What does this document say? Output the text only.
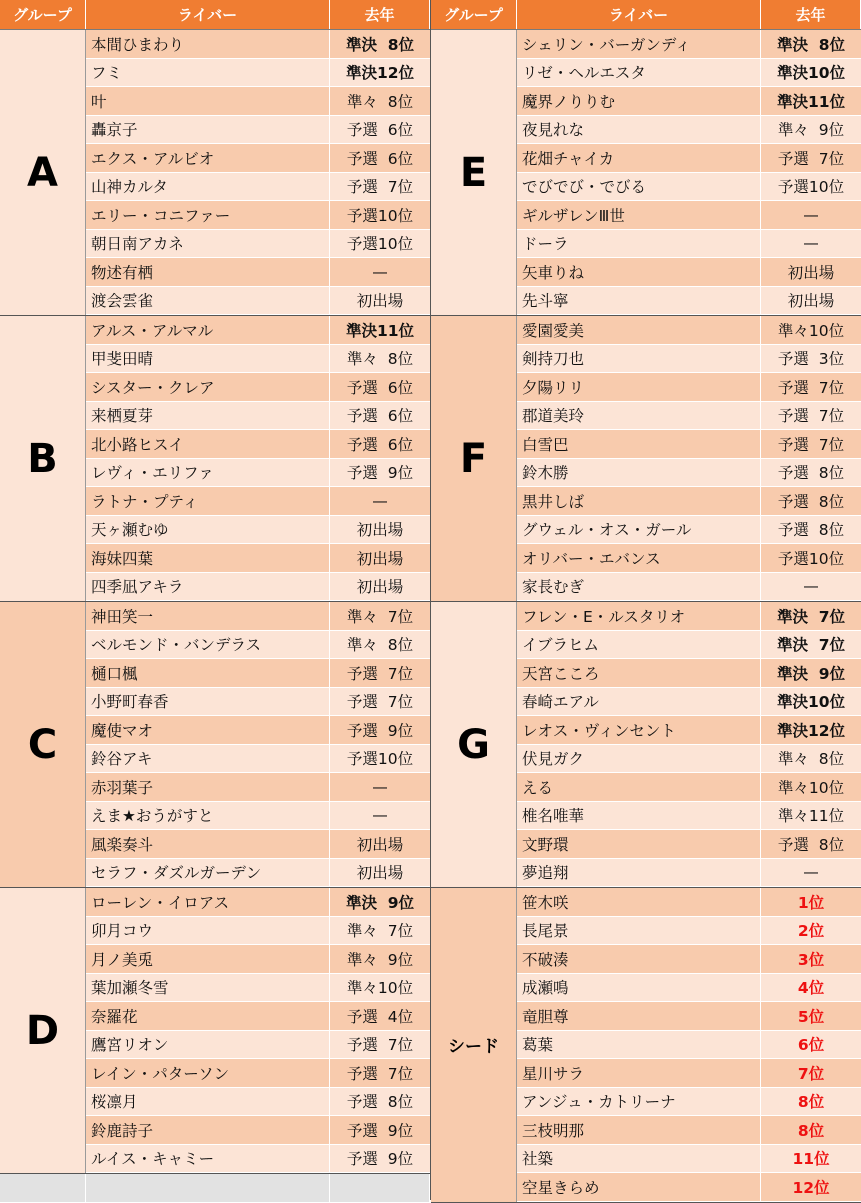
グループ	ライバー	去年
A
本間ひまわり	準決  8位
フミ	準決12位
叶	準々  8位
轟京子	予選  6位
エクス・アルビオ	予選  6位
山神カルタ	予選  7位
エリー・コニファー	予選10位
朝日南アカネ	予選10位
物述有栖	—
渡会雲雀	初出場
B
アルス・アルマル	準決11位
甲斐田晴	準々  8位
シスター・クレア	予選  6位
来栖夏芽	予選  6位
北小路ヒスイ	予選  6位
レヴィ・エリファ	予選  9位
ラトナ・プティ	—
天ヶ瀬むゆ	初出場
海妹四葉	初出場
四季凪アキラ	初出場
C
神田笑一	準々  7位
ベルモンド・バンデラス	準々  8位
樋口楓	予選  7位
小野町春香	予選  7位
魔使マオ	予選  9位
鈴谷アキ	予選10位
赤羽葉子	—
えま★おうがすと	—
風楽奏斗	初出場
セラフ・ダズルガーデン	初出場
D
ローレン・イロアス	準決  9位
卯月コウ	準々  7位
月ノ美兎	準々  9位
葉加瀬冬雪	準々10位
奈羅花	予選  4位
鷹宮リオン	予選  7位
レイン・パターソン	予選  7位
桜凛月	予選  8位
鈴鹿詩子	予選  9位
ルイス・キャミー	予選  9位
グループ	ライバー	去年
E
シェリン・バーガンディ	準決  8位
リゼ・ヘルエスタ	準決10位
魔界ノりりむ	準決11位
夜見れな	準々  9位
花畑チャイカ	予選  7位
でびでび・でびる	予選10位
ギルザレンⅢ世	—
ドーラ	—
矢車りね	初出場
先斗寧	初出場
F
愛園愛美	準々10位
剣持刀也	予選  3位
夕陽リリ	予選  7位
郡道美玲	予選  7位
白雪巴	予選  7位
鈴木勝	予選  8位
黒井しば	予選  8位
グウェル・オス・ガール	予選  8位
オリバー・エバンス	予選10位
家長むぎ	—
G
フレン・E・ルスタリオ	準決  7位
イブラヒム	準決  7位
天宮こころ	準決  9位
春崎エアル	準決10位
レオス・ヴィンセント	準決12位
伏見ガク	準々  8位
える	準々10位
椎名唯華	準々11位
文野環	予選  8位
夢追翔	—
シード
笹木咲	1位
長尾景	2位
不破湊	3位
成瀬鳴	4位
竜胆尊	5位
葛葉	6位
星川サラ	7位
アンジュ・カトリーナ	8位
三枝明那	8位
社築	11位
空星きらめ	12位
